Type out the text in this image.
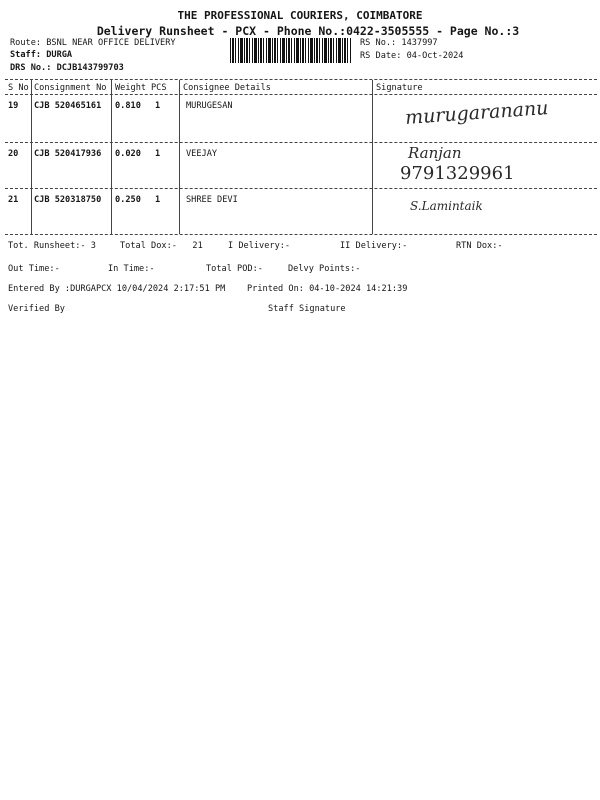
THE PROFESSIONAL COURIERS, COIMBATORE
Delivery Runsheet - PCX - Phone No.:0422-3505555 - Page No.:3
Route: BSNL NEAR OFFICE DELIVERY
Staff: DURGA
DRS No.: DCJB143799703
RS No.: 1437997
RS Date: 04-Oct-2024
S No Consignment No Weight PCS Consignee Details	Signature
19 CJB 520465161 0.810 1	MURUGESAN	murugarananu
20 CJB 520417936 0.020 1	VEEJAY	Ranjan
9791329961
21 CJB 520318750 0.250 1	SHREE DEVI	S.Lamintaik
Tot. Runsheet:- 3	Total Dox:-   21	I Delivery:-	II Delivery:-	RTN Dox:-
Out Time:-	In Time:-	Total POD:-	Delvy Points:-
Entered By :DURGAPCX 10/04/2024 2:17:51 PM	Printed On: 04-10-2024 14:21:39
Verified By	Staff Signature
